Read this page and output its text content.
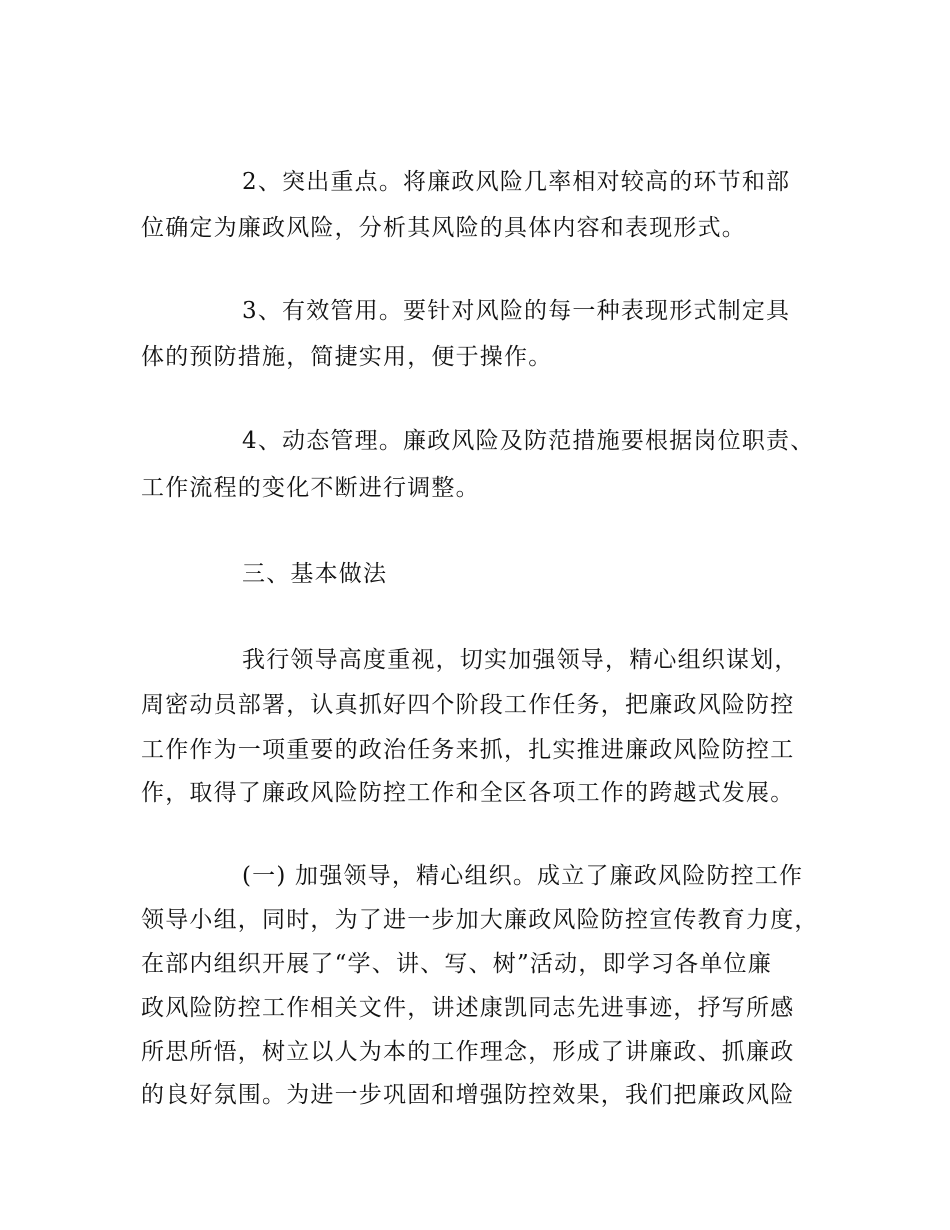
2、突出重点。将廉政风险几率相对较高的环节和部
位确定为廉政风险，分析其风险的具体内容和表现形式。
3、有效管用。要针对风险的每一种表现形式制定具
体的预防措施，简捷实用，便于操作。
4、动态管理。廉政风险及防范措施要根据岗位职责、
工作流程的变化不断进行调整。
三、基本做法
我行领导高度重视，切实加强领导，精心组织谋划，
周密动员部署，认真抓好四个阶段工作任务，把廉政风险防控
工作作为一项重要的政治任务来抓，扎实推进廉政风险防控工
作，取得了廉政风险防控工作和全区各项工作的跨越式发展。
(一) 加强领导，精心组织。成立了廉政风险防控工作
领导小组，同时，为了进一步加大廉政风险防控宣传教育力度，
在部内组织开展了“学、讲、写、树”活动，即学习各单位廉
政风险防控工作相关文件，讲述康凯同志先进事迹，抒写所感
所思所悟，树立以人为本的工作理念，形成了讲廉政、抓廉政
的良好氛围。为进一步巩固和增强防控效果，我们把廉政风险
